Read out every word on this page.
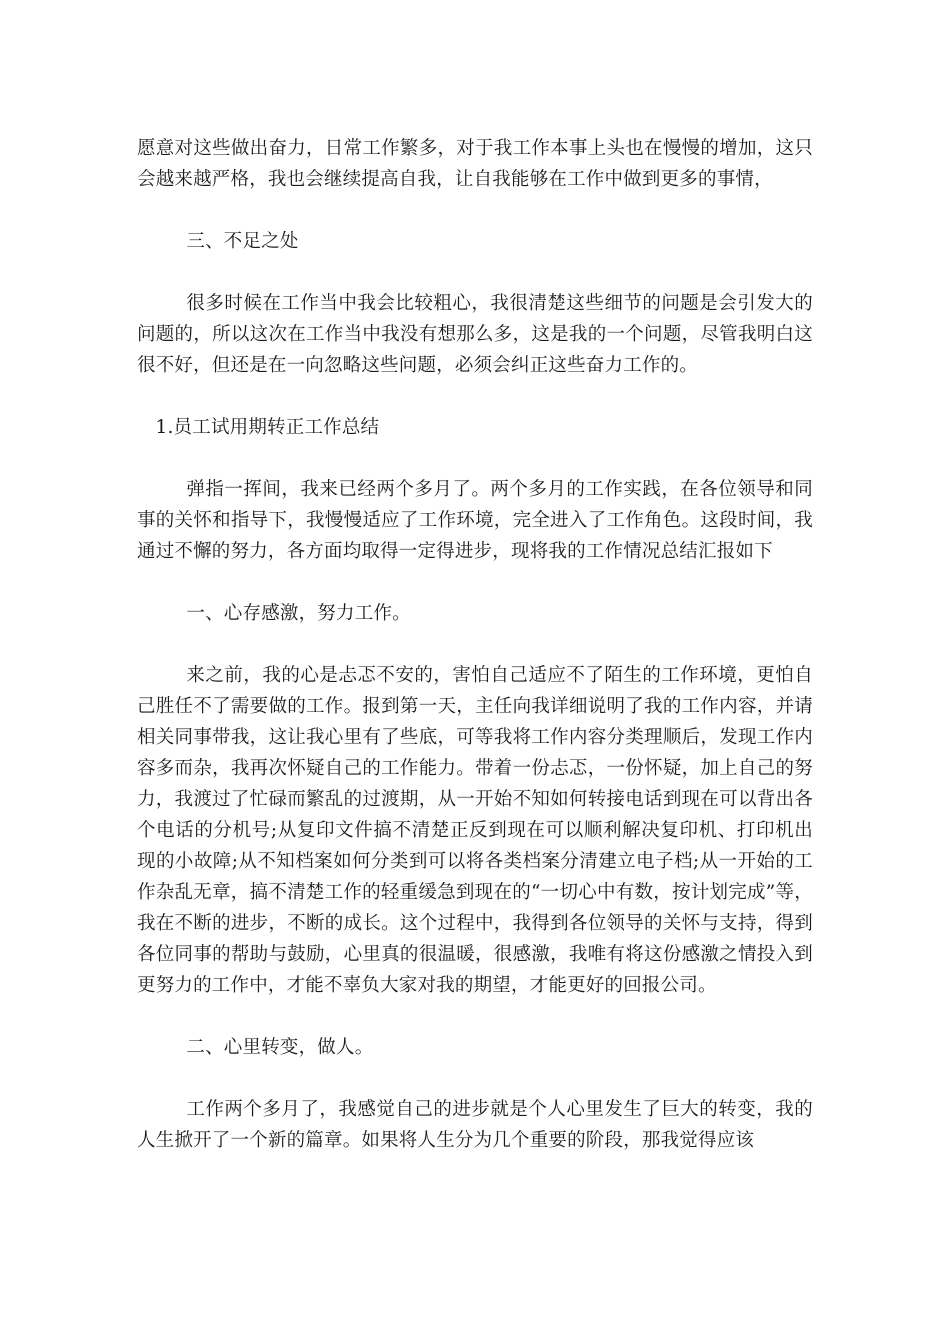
愿意对这些做出奋力，日常工作繁多，对于我工作本事上头也在慢慢的增加，这只会越来越严格，我也会继续提高自我，让自我能够在工作中做到更多的事情，

三、不足之处

很多时候在工作当中我会比较粗心，我很清楚这些细节的问题是会引发大的问题的，所以这次在工作当中我没有想那么多，这是我的一个问题，尽管我明白这很不好，但还是在一向忽略这些问题，必须会纠正这些奋力工作的。

1.员工试用期转正工作总结

弹指一挥间，我来已经两个多月了。两个多月的工作实践，在各位领导和同事的关怀和指导下，我慢慢适应了工作环境，完全进入了工作角色。这段时间，我通过不懈的努力，各方面均取得一定得进步，现将我的工作情况总结汇报如下

一、心存感激，努力工作。

来之前，我的心是忐忑不安的，害怕自己适应不了陌生的工作环境，更怕自己胜任不了需要做的工作。报到第一天，主任向我详细说明了我的工作内容，并请相关同事带我，这让我心里有了些底，可等我将工作内容分类理顺后，发现工作内容多而杂，我再次怀疑自己的工作能力。带着一份忐忑，一份怀疑，加上自己的努力，我渡过了忙碌而繁乱的过渡期，从一开始不知如何转接电话到现在可以背出各个电话的分机号;从复印文件搞不清楚正反到现在可以顺利解决复印机、打印机出现的小故障;从不知档案如何分类到可以将各类档案分清建立电子档;从一开始的工作杂乱无章，搞不清楚工作的轻重缓急到现在的“一切心中有数，按计划完成”等，我在不断的进步，不断的成长。这个过程中，我得到各位领导的关怀与支持，得到各位同事的帮助与鼓励，心里真的很温暖，很感激，我唯有将这份感激之情投入到更努力的工作中，才能不辜负大家对我的期望，才能更好的回报公司。

二、心里转变，做人。

工作两个多月了，我感觉自己的进步就是个人心里发生了巨大的转变，我的人生掀开了一个新的篇章。如果将人生分为几个重要的阶段，那我觉得应该
